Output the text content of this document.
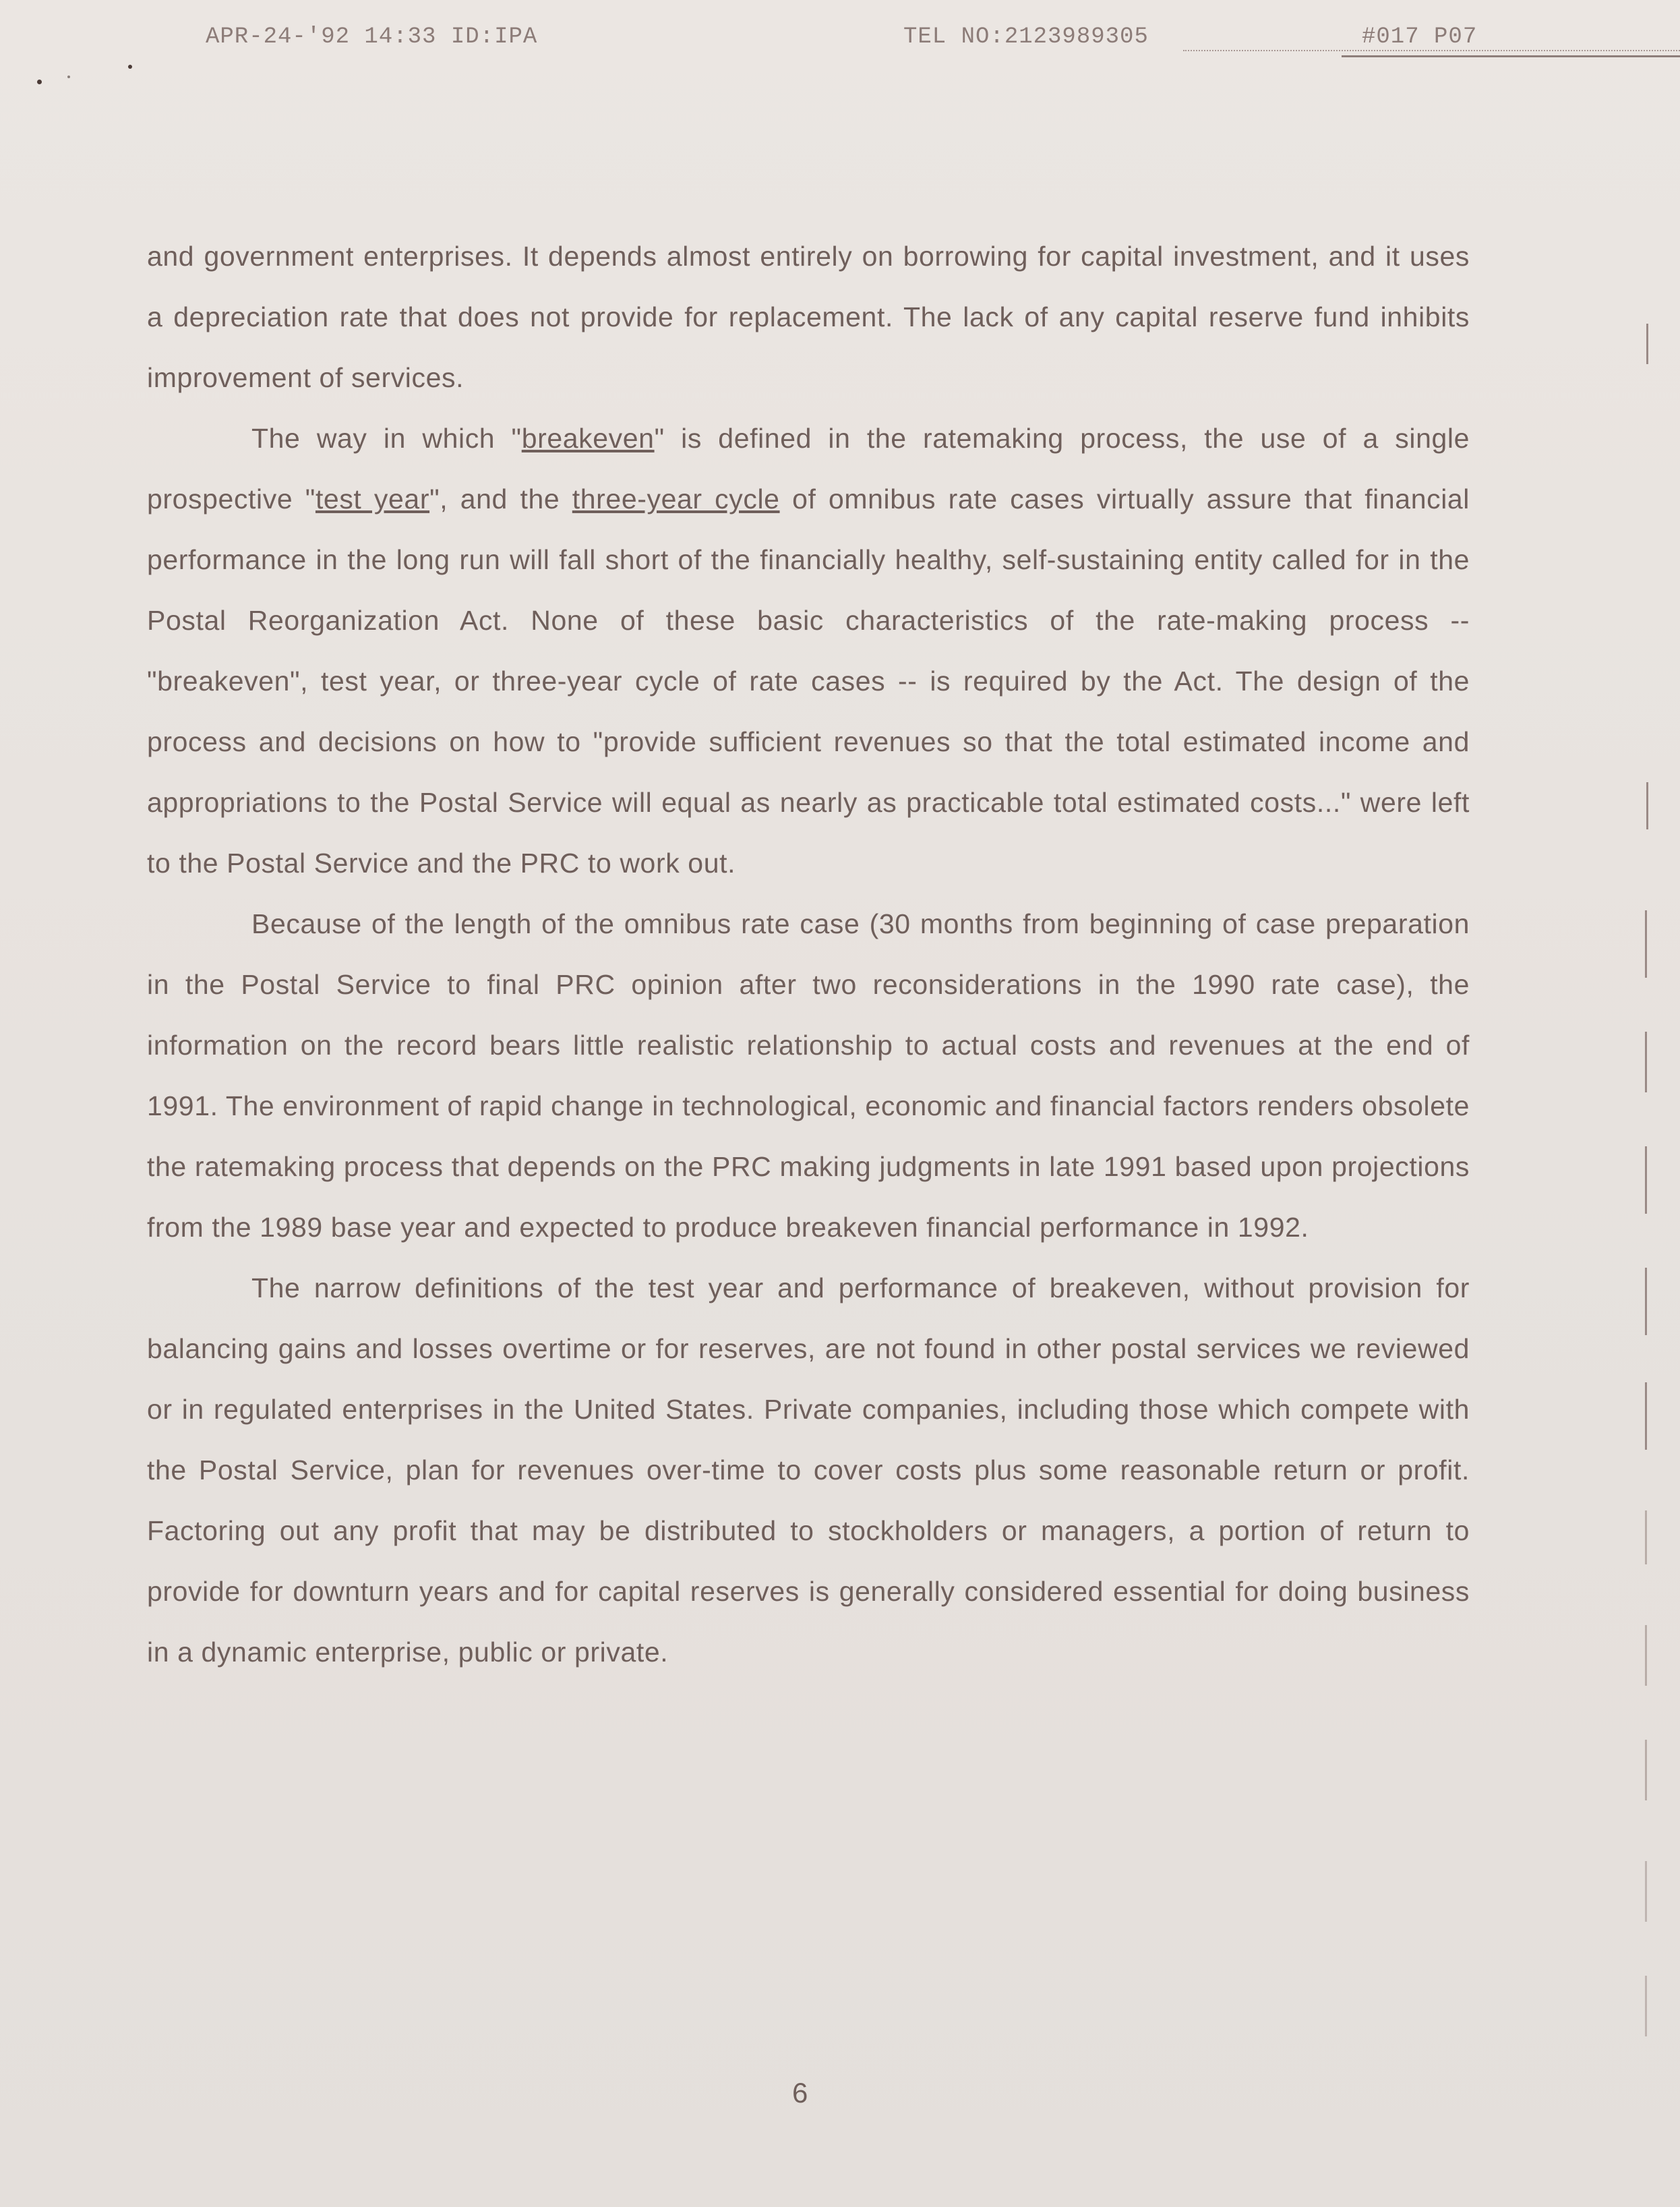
APR-24-'92 14:33 ID:IPA	TEL NO:2123989305	#017 P07

and government enterprises. It depends almost entirely on borrowing for capital investment, and it uses a depreciation rate that does not provide for replacement. The lack of any capital reserve fund inhibits improvement of services.

The way in which "breakeven" is defined in the ratemaking process, the use of a single prospective "test year", and the three-year cycle of omnibus rate cases virtually assure that financial performance in the long run will fall short of the financially healthy, self-sustaining entity called for in the Postal Reorganization Act. None of these basic characteristics of the rate-making process -- "breakeven", test year, or three-year cycle of rate cases -- is required by the Act. The design of the process and decisions on how to "provide sufficient revenues so that the total estimated income and appropriations to the Postal Service will equal as nearly as practicable total estimated costs..." were left to the Postal Service and the PRC to work out.

Because of the length of the omnibus rate case (30 months from beginning of case preparation in the Postal Service to final PRC opinion after two reconsiderations in the 1990 rate case), the information on the record bears little realistic relationship to actual costs and revenues at the end of 1991. The environment of rapid change in technological, economic and financial factors renders obsolete the ratemaking process that depends on the PRC making judgments in late 1991 based upon projections from the 1989 base year and expected to produce breakeven financial performance in 1992.

The narrow definitions of the test year and performance of breakeven, without provision for balancing gains and losses overtime or for reserves, are not found in other postal services we reviewed or in regulated enterprises in the United States. Private companies, including those which compete with the Postal Service, plan for revenues over-time to cover costs plus some reasonable return or profit. Factoring out any profit that may be distributed to stockholders or managers, a portion of return to provide for downturn years and for capital reserves is generally considered essential for doing business in a dynamic enterprise, public or private.

6
